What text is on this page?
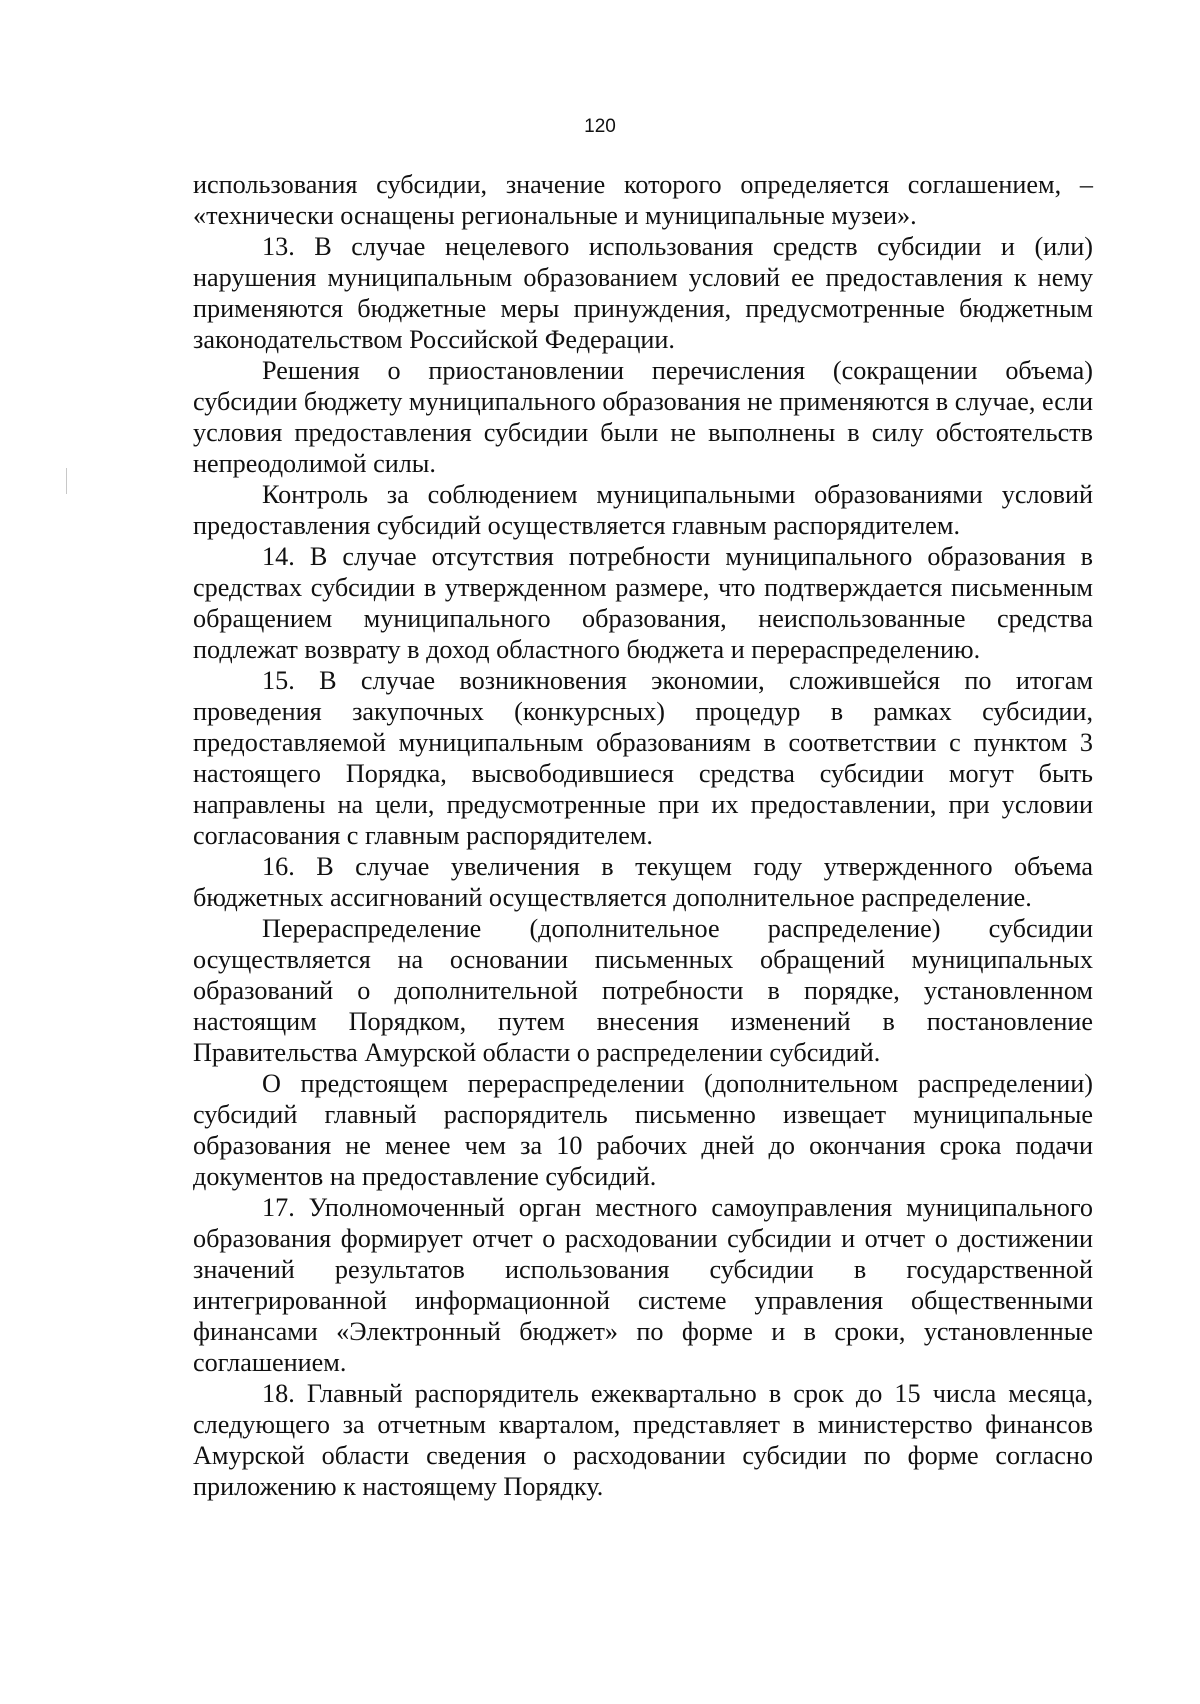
120

использования субсидии, значение которого определяется соглашением, – «технически оснащены региональные и муниципальные музеи».

13. В случае нецелевого использования средств субсидии и (или) нарушения муниципальным образованием условий ее предоставления к нему применяются бюджетные меры принуждения, предусмотренные бюджетным законодательством Российской Федерации.

Решения о приостановлении перечисления (сокращении объема) субсидии бюджету муниципального образования не применяются в случае, если условия предоставления субсидии были не выполнены в силу обстоятельств непреодолимой силы.

Контроль за соблюдением муниципальными образованиями условий предоставления субсидий осуществляется главным распорядителем.

14. В случае отсутствия потребности муниципального образования в средствах субсидии в утвержденном размере, что подтверждается письменным обращением муниципального образования, неиспользованные средства подлежат возврату в доход областного бюджета и перераспределению.

15. В случае возникновения экономии, сложившейся по итогам проведения закупочных (конкурсных) процедур в рамках субсидии, предоставляемой муниципальным образованиям в соответствии с пунктом 3 настоящего Порядка, высвободившиеся средства субсидии могут быть направлены на цели, предусмотренные при их предоставлении, при условии согласования с главным распорядителем.

16. В случае увеличения в текущем году утвержденного объема бюджетных ассигнований осуществляется дополнительное распределение.

Перераспределение (дополнительное распределение) субсидии осуществляется на основании письменных обращений муниципальных образований о дополнительной потребности в порядке, установленном настоящим Порядком, путем внесения изменений в постановление Правительства Амурской области о распределении субсидий.

О предстоящем перераспределении (дополнительном распределении) субсидий главный распорядитель письменно извещает муниципальные образования не менее чем за 10 рабочих дней до окончания срока подачи документов на предоставление субсидий.

17. Уполномоченный орган местного самоуправления муниципального образования формирует отчет о расходовании субсидии и отчет о достижении значений результатов использования субсидии в государственной интегрированной информационной системе управления общественными финансами «Электронный бюджет» по форме и в сроки, установленные соглашением.

18. Главный распорядитель ежеквартально в срок до 15 числа месяца, следующего за отчетным кварталом, представляет в министерство финансов Амурской области сведения о расходовании субсидии по форме согласно приложению к настоящему Порядку.
